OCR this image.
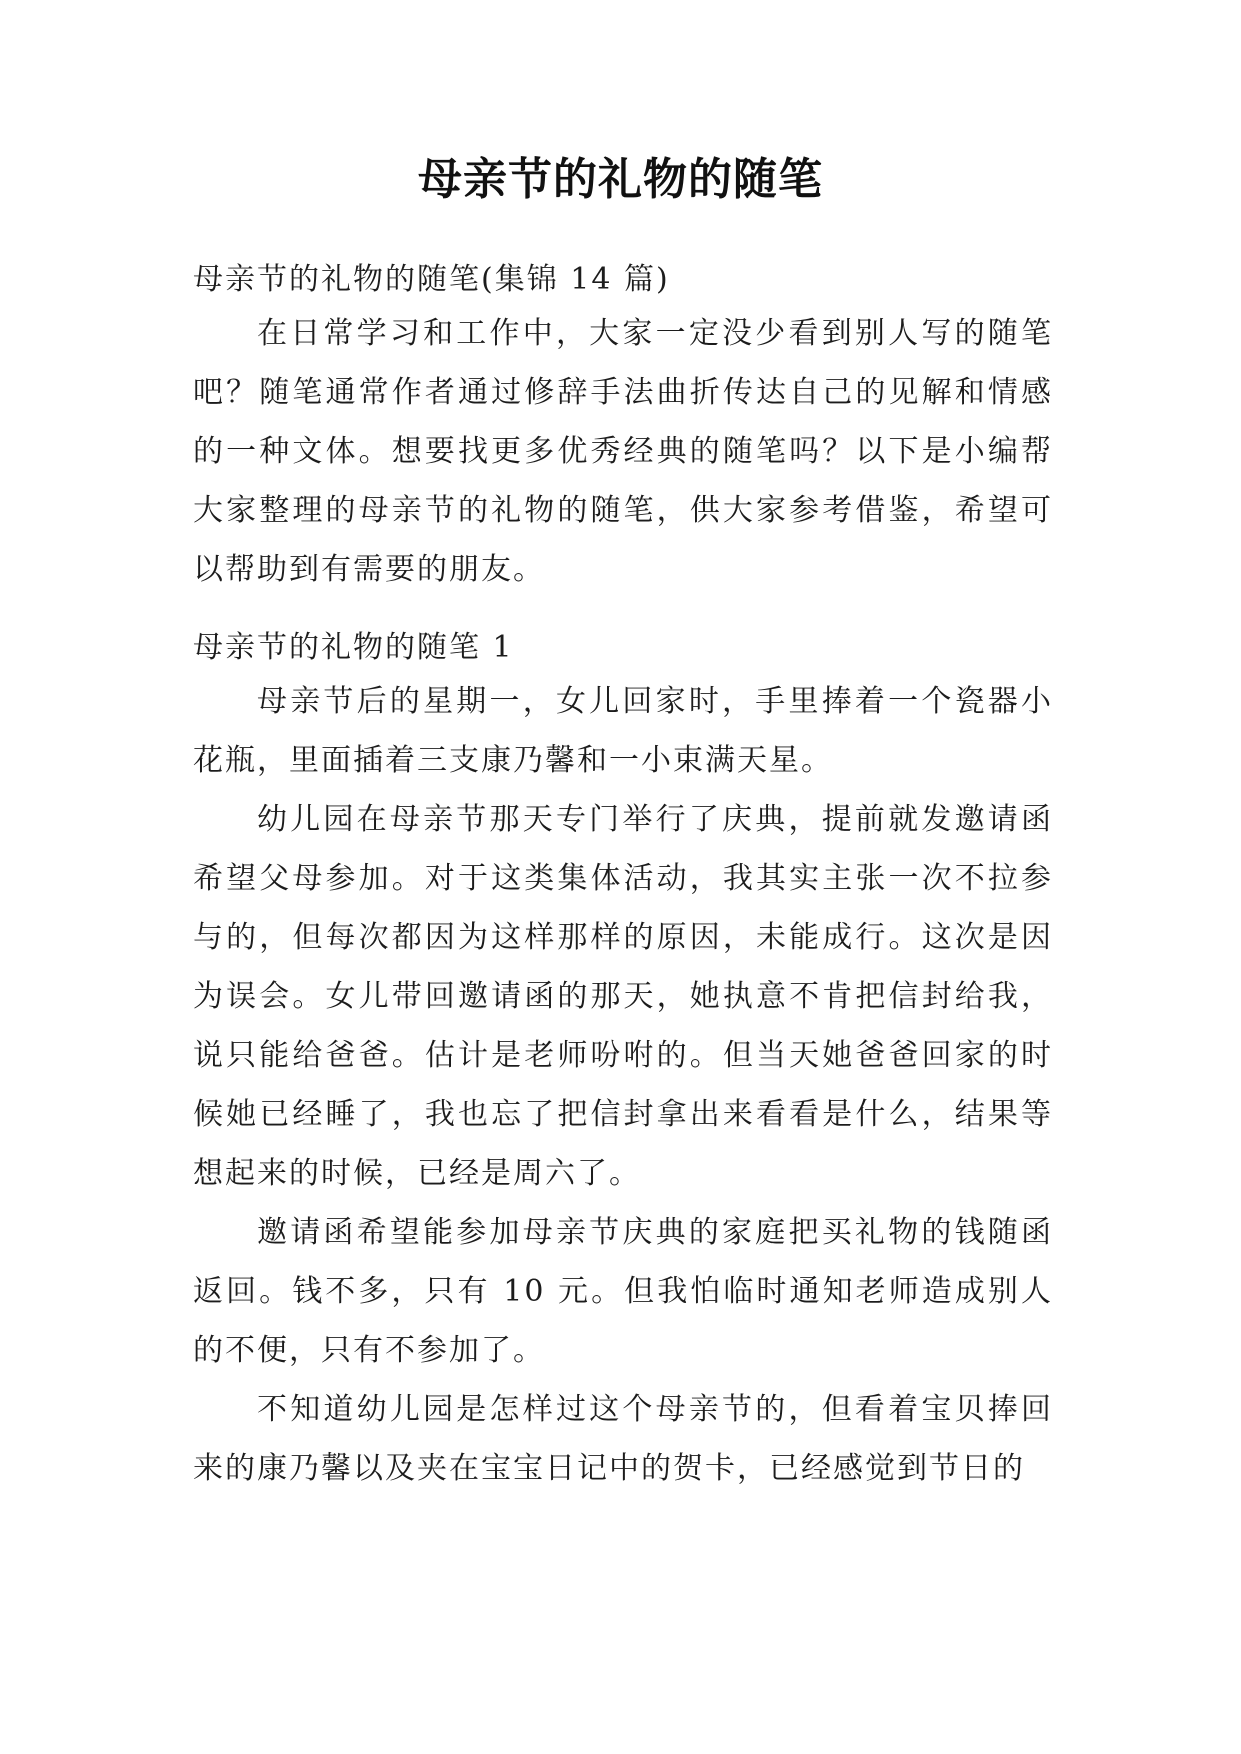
母亲节的礼物的随笔
母亲节的礼物的随笔(集锦 14 篇)

在日常学习和工作中，大家一定没少看到别人写的随笔吧？随笔通常作者通过修辞手法曲折传达自己的见解和情感的一种文体。想要找更多优秀经典的随笔吗？以下是小编帮大家整理的母亲节的礼物的随笔，供大家参考借鉴，希望可以帮助到有需要的朋友。

母亲节的礼物的随笔 1

母亲节后的星期一，女儿回家时，手里捧着一个瓷器小花瓶，里面插着三支康乃馨和一小束满天星。

幼儿园在母亲节那天专门举行了庆典，提前就发邀请函希望父母参加。对于这类集体活动，我其实主张一次不拉参与的，但每次都因为这样那样的原因，未能成行。这次是因为误会。女儿带回邀请函的那天，她执意不肯把信封给我，说只能给爸爸。估计是老师吩咐的。但当天她爸爸回家的时候她已经睡了，我也忘了把信封拿出来看看是什么，结果等想起来的时候，已经是周六了。

邀请函希望能参加母亲节庆典的家庭把买礼物的钱随函返回。钱不多，只有 10 元。但我怕临时通知老师造成别人的不便，只有不参加了。

不知道幼儿园是怎样过这个母亲节的，但看着宝贝捧回来的康乃馨以及夹在宝宝日记中的贺卡，已经感觉到节日的
